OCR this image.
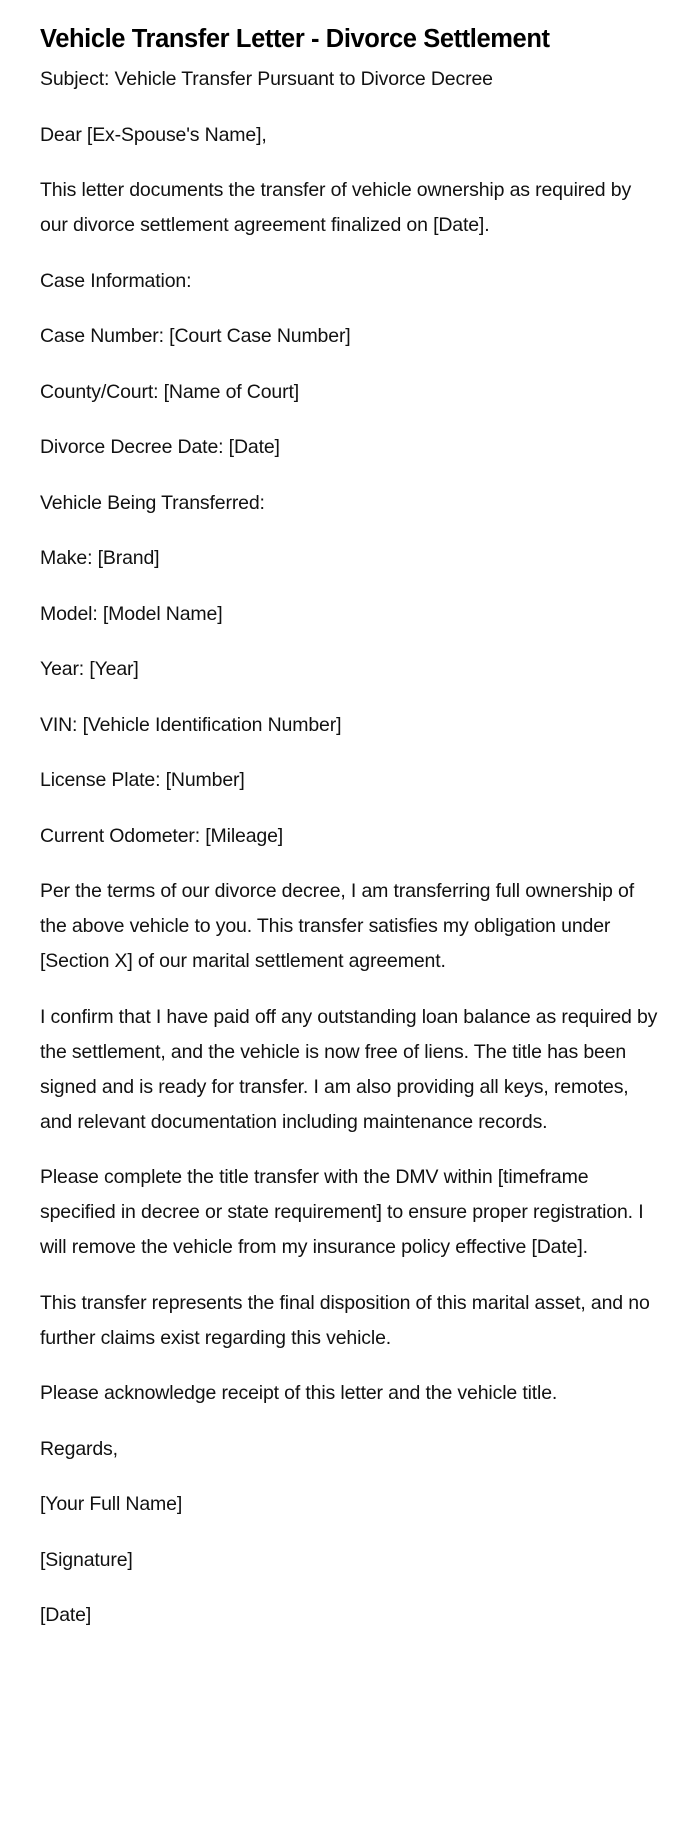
Vehicle Transfer Letter - Divorce Settlement

Subject: Vehicle Transfer Pursuant to Divorce Decree

Dear [Ex-Spouse's Name],

This letter documents the transfer of vehicle ownership as required by our divorce settlement agreement finalized on [Date].

Case Information:

Case Number: [Court Case Number]

County/Court: [Name of Court]

Divorce Decree Date: [Date]

Vehicle Being Transferred:

Make: [Brand]

Model: [Model Name]

Year: [Year]

VIN: [Vehicle Identification Number]

License Plate: [Number]

Current Odometer: [Mileage]

Per the terms of our divorce decree, I am transferring full ownership of the above vehicle to you. This transfer satisfies my obligation under [Section X] of our marital settlement agreement.

I confirm that I have paid off any outstanding loan balance as required by the settlement, and the vehicle is now free of liens. The title has been signed and is ready for transfer. I am also providing all keys, remotes, and relevant documentation including maintenance records.

Please complete the title transfer with the DMV within [timeframe specified in decree or state requirement] to ensure proper registration. I will remove the vehicle from my insurance policy effective [Date].

This transfer represents the final disposition of this marital asset, and no further claims exist regarding this vehicle.

Please acknowledge receipt of this letter and the vehicle title.

Regards,

[Your Full Name]

[Signature]

[Date]
